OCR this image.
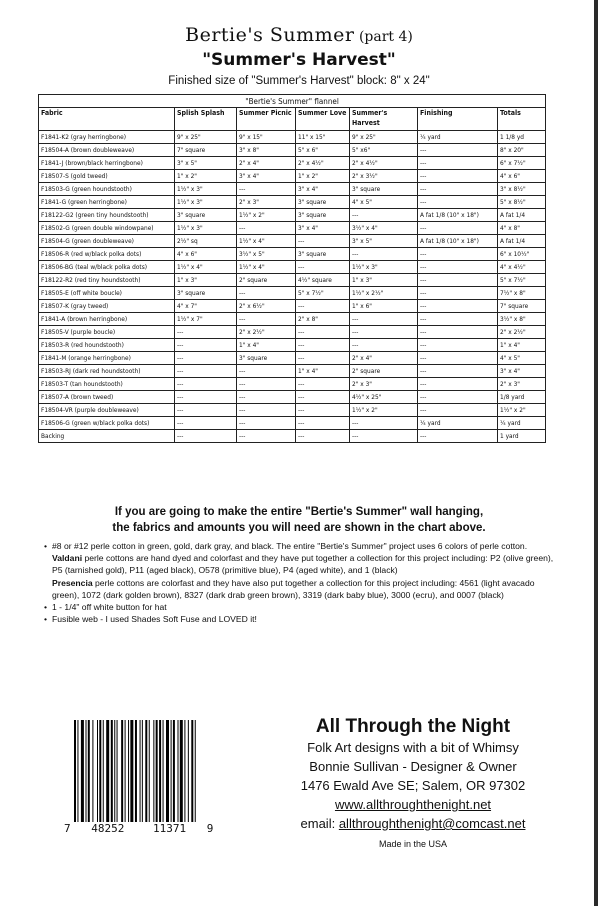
Bertie's Summer (part 4)
"Summer's Harvest"
Finished size of "Summer's Harvest" block: 8" x 24"
"Bertie's Summer" flannel						
Fabric	Splish Splash	Summer Picnic	Summer Love	Summer's Harvest	Finishing	Totals
F1841-K2 (gray herringbone)	9" x 25"	9" x 15"	11" x 15"	9" x 25"	¼ yard	1 1/8 yd
F18504-A (brown doubleweave)	7" square	3" x 8"	5" x 6"	5" x6"	---	8" x 20"
F1841-J (brown/black herringbone)	3" x 5"	2" x 4"	2" x 4½"	2" x 4½"	---	6" x 7½"
F18507-S (gold tweed)	1" x 2"	3" x 4"	1" x 2"	2" x 3½"	---	4" x 6"
F18503-G (green houndstooth)	1½" x 3"	---	3" x 4"	3" square	---	3" x 8½"
F1841-G (green herringbone)	1½" x 3"	2" x 3"	3" square	4" x 5"	---	5" x 8½"
F18122-G2 (green tiny houndstooth)	3" square	1½" x 2"	3" square	---	A fat 1/8 (10" x 18")	A fat 1/4
F18502-G (green double windowpane)	1½" x 3"	---	3" x 4"	3½" x 4"	---	4" x 8"
F18504-G (green doubleweave)	2½" sq	1½" x 4"	---	3" x 5"	A fat 1/8 (10" x 18")	A fat 1/4
F18506-R (red w/black polka dots)	4" x 6"	3½" x 5"	3" square	---	---	6" x 10½"
F18506-BG (teal w/black polka dots)	1½" x 4"	1½" x 4"	---	1½" x 3"	---	4" x 4½"
F18122-R2 (red tiny houndstooth)	1" x 3"	2" square	4½" square	1" x 3"	---	5" x 7½"
F18505-E (off white boucle)	3" square	---	5" x 7½"	1½" x 2½"	---	7½" x 8"
F18507-K (gray tweed)	4" x 7"	2" x 6½"	---	1" x 6"	---	7" square
F1841-A (brown herringbone)	1½" x 7"	---	2" x 8"	---	---	3½" x 8"
F18505-V (purple boucle)	---	2" x 2½"	---	---	---	2" x 2½"
F18503-R (red houndstooth)	---	1" x 4"	---	---	---	1" x 4"
F1841-M (orange herringbone)	---	3" square	---	2" x 4"	---	4" x 5"
F18503-RJ (dark red houndstooth)	---	---	1" x 4"	2" square	---	3" x 4"
F18503-T (tan houndstooth)	---	---	---	2" x 3"	---	2" x 3"
F18507-A (brown tweed)	---	---	---	4½" x 25"	---	1/8 yard
F18504-VR (purple doubleweave)	---	---	---	1½" x 2"	---	1½" x 2"
F18506-G (green w/black polka dots)	---	---	---	---	¼ yard	¼ yard
Backing	---	---	---	---	---	1 yard
If you are going to make the entire "Bertie's Summer" wall hanging,
the fabrics and amounts you will need are shown in the chart above.
• #8 or #12 perle cotton in green, gold, dark gray, and black. The entire "Bertie's Summer" project uses 6 colors of perle cotton.
Valdani perle cottons are hand dyed and colorfast and they have put together a collection for this project including: P2 (olive green), P5 (tarnished gold), P11 (aged black), O578 (primitive blue), P4 (aged white), and 1 (black)
Presencia perle cottons are colorfast and they have also put together a collection for this project including: 4561 (light avacado green), 1072 (dark golden brown), 8327 (dark drab green brown), 3319 (dark baby blue), 3000 (ecru), and 0007 (black)
• 1 - 1/4" off white button for hat
• Fusible web - I used Shades Soft Fuse and LOVED it!
7 48252	11371 9
All Through the Night
Folk Art designs with a bit of Whimsy
Bonnie Sullivan - Designer & Owner
1476 Ewald Ave SE; Salem, OR 97302
www.allthroughthenight.net
email: allthroughthenight@comcast.net
Made in the USA
